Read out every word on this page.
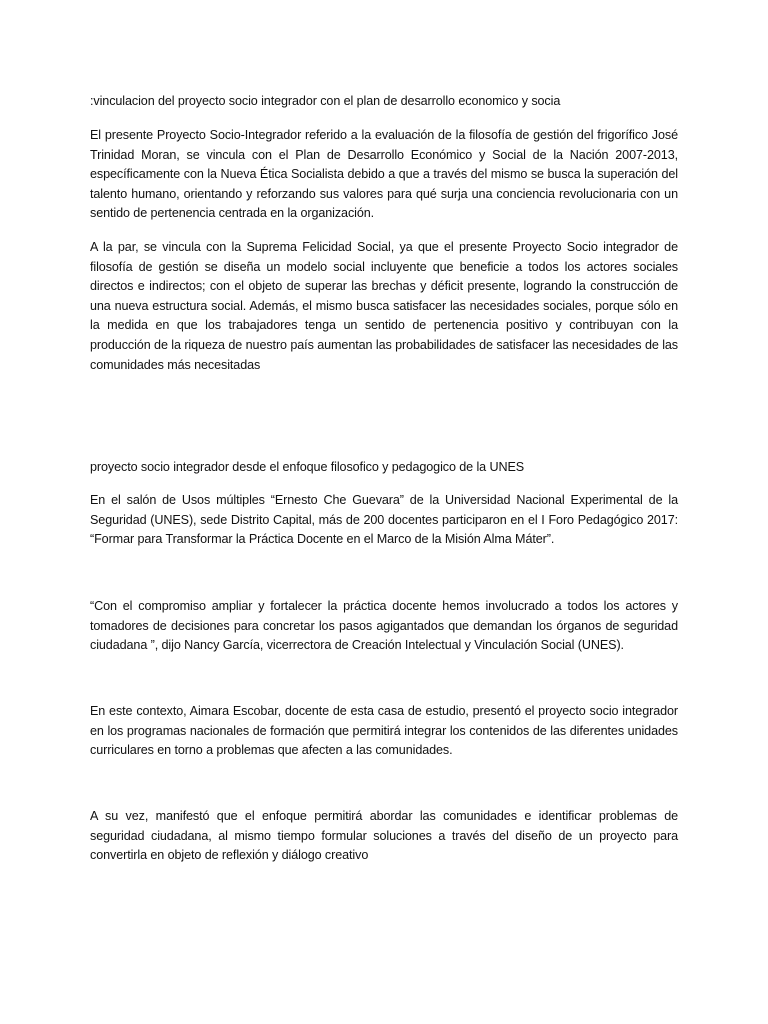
:vinculacion del proyecto socio integrador con el plan de desarrollo economico y socia

El presente Proyecto Socio-Integrador referido a la evaluación de la filosofía de gestión del frigorífico José Trinidad Moran, se vincula con el Plan de Desarrollo Económico y Social de la Nación 2007-2013, específicamente con la Nueva Ética Socialista debido a que a través del mismo se busca la superación del talento humano, orientando y reforzando sus valores para qué surja una conciencia revolucionaria con un sentido de pertenencia centrada en la organización.

A la par, se vincula con la Suprema Felicidad Social, ya que el presente Proyecto Socio integrador de filosofía de gestión se diseña un modelo social incluyente que beneficie a todos los actores sociales directos e indirectos; con el objeto de superar las brechas y déficit presente, logrando la construcción de una nueva estructura social. Además, el mismo busca satisfacer las necesidades sociales, porque sólo en la medida en que los trabajadores tenga un sentido de pertenencia positivo y contribuyan con la producción de la riqueza de nuestro país aumentan las probabilidades de satisfacer las necesidades de las comunidades más necesitadas

proyecto socio integrador desde el enfoque filosofico y pedagogico de la UNES

En el salón de Usos múltiples “Ernesto Che Guevara” de la Universidad Nacional Experimental de la Seguridad (UNES), sede Distrito Capital, más de 200 docentes participaron en el I Foro Pedagógico 2017: “Formar para Transformar la Práctica Docente en el Marco de la Misión Alma Máter”.

“Con el compromiso ampliar y fortalecer la práctica docente hemos involucrado a todos los actores y tomadores de decisiones para concretar los pasos agigantados que demandan los órganos de seguridad ciudadana ”, dijo Nancy García, vicerrectora de Creación Intelectual y Vinculación Social (UNES).

En este contexto, Aimara Escobar, docente de esta casa de estudio, presentó el proyecto socio integrador en los programas nacionales de formación que permitirá integrar los contenidos de las diferentes unidades curriculares en torno a problemas que afecten a las comunidades.

A su vez, manifestó que el enfoque permitirá abordar las comunidades e identificar problemas de seguridad ciudadana, al mismo tiempo formular soluciones a través del diseño de un proyecto para convertirla en objeto de reflexión y diálogo creativo
